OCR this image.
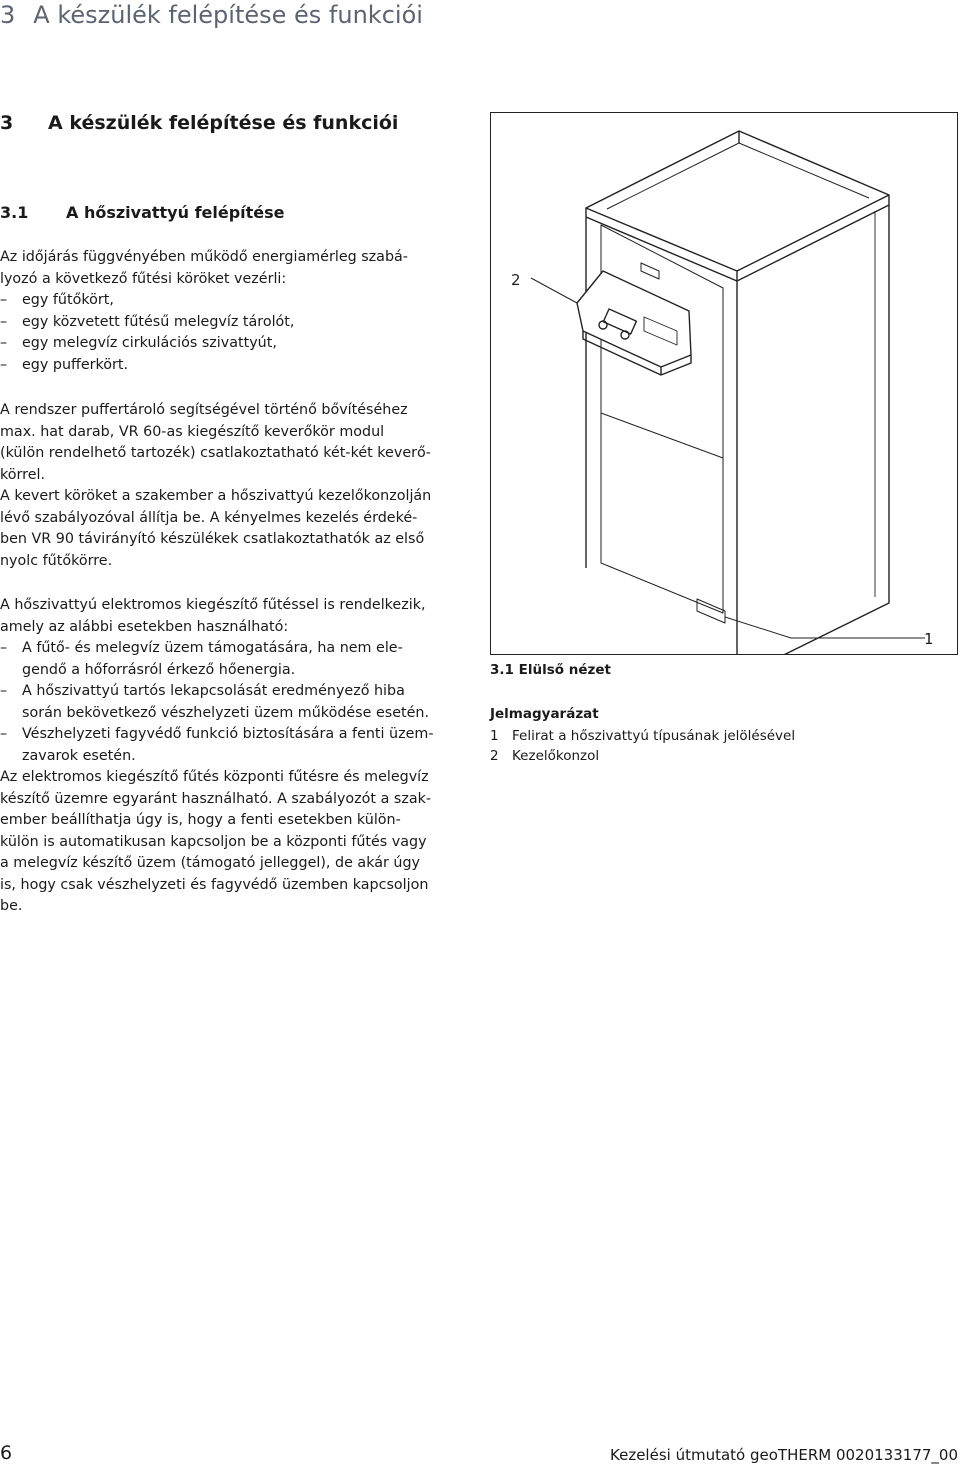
3 A készülék felépítése és funkciói
3 A készülék felépítése és funkciói
3.1 A hőszivattyú felépítése
Az időjárás függvényében működő energiamérleg szabá-
lyozó a következő fűtési köröket vezérli:
– egy fűtőkört,
– egy közvetett fűtésű melegvíz tárolót,
– egy melegvíz cirkulációs szivattyút,
– egy pufferkört.
A rendszer puffertároló segítségével történő bővítéséhez
max. hat darab, VR 60-as kiegészítő keverőkör modul
(külön rendelhető tartozék) csatlakoztatható két-két keverő-
körrel.
A kevert köröket a szakember a hőszivattyú kezelőkonzolján
lévő szabályozóval állítja be. A kényelmes kezelés érdeké-
ben VR 90 távirányító készülékek csatlakoztathatók az első
nyolc fűtőkörre.
A hőszivattyú elektromos kiegészítő fűtéssel is rendelkezik,
amely az alábbi esetekben használható:
– A fűtő- és melegvíz üzem támogatására, ha nem ele-
gendő a hőforrásról érkező hőenergia.
– A hőszivattyú tartós lekapcsolását eredményező hiba
során bekövetkező vészhelyzeti üzem működése esetén.
– Vészhelyzeti fagyvédő funkció biztosítására a fenti üzem-
zavarok esetén.
Az elektromos kiegészítő fűtés központi fűtésre és melegvíz
készítő üzemre egyaránt használható. A szabályozót a szak-
ember beállíthatja úgy is, hogy a fenti esetekben külön-
külön is automatikusan kapcsoljon be a központi fűtés vagy
a melegvíz készítő üzem (támogató jelleggel), de akár úgy
is, hogy csak vészhelyzeti és fagyvédő üzemben kapcsoljon
be.
2
1
3.1 Elülső nézet
Jelmagyarázat
1 Felirat a hőszivattyú típusának jelölésével
2 Kezelőkonzol
6	Kezelési útmutató geoTHERM 0020133177_00
